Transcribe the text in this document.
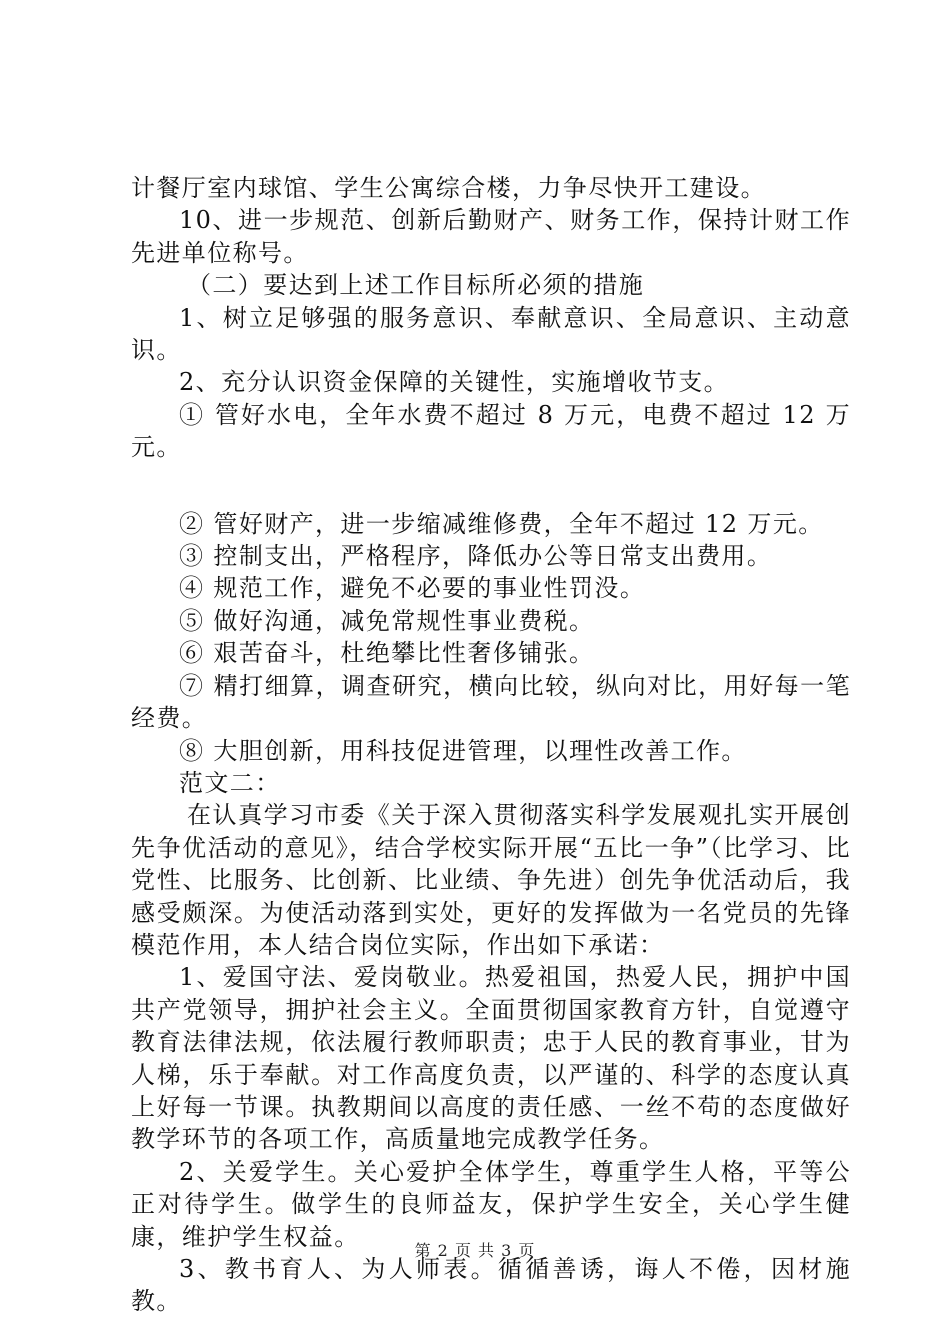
计餐厅室内球馆、学生公寓综合楼，力争尽快开工建设。

10、进一步规范、创新后勤财产、财务工作，保持计财工作先进单位称号。

（二）要达到上述工作目标所必须的措施

1、树立足够强的服务意识、奉献意识、全局意识、主动意识。

2、充分认识资金保障的关键性，实施增收节支。

① 管好水电，全年水费不超过 8 万元，电费不超过 12 万元。

② 管好财产，进一步缩减维修费，全年不超过 12 万元。

③ 控制支出，严格程序，降低办公等日常支出费用。

④ 规范工作，避免不必要的事业性罚没。

⑤ 做好沟通，减免常规性事业费税。

⑥ 艰苦奋斗，杜绝攀比性奢侈铺张。

⑦ 精打细算，调查研究，横向比较，纵向对比，用好每一笔经费。

⑧ 大胆创新，用科技促进管理，以理性改善工作。

范文二：

在认真学习市委《关于深入贯彻落实科学发展观扎实开展创先争优活动的意见》，结合学校实际开展“五比一争”（比学习、比党性、比服务、比创新、比业绩、争先进）创先争优活动后，我感受颇深。为使活动落到实处，更好的发挥做为一名党员的先锋模范作用，本人结合岗位实际，作出如下承诺：

1、爱国守法、爱岗敬业。热爱祖国，热爱人民，拥护中国共产党领导，拥护社会主义。全面贯彻国家教育方针，自觉遵守教育法律法规，依法履行教师职责；忠于人民的教育事业，甘为人梯，乐于奉献。对工作高度负责，以严谨的、科学的态度认真上好每一节课。执教期间以高度的责任感、一丝不苟的态度做好教学环节的各项工作，高质量地完成教学任务。

2、关爱学生。关心爱护全体学生，尊重学生人格，平等公正对待学生。做学生的良师益友，保护学生安全，关心学生健康，维护学生权益。

3、教书育人、为人师表。循循善诱，诲人不倦，因材施教。

第 2 页 共 3 页
